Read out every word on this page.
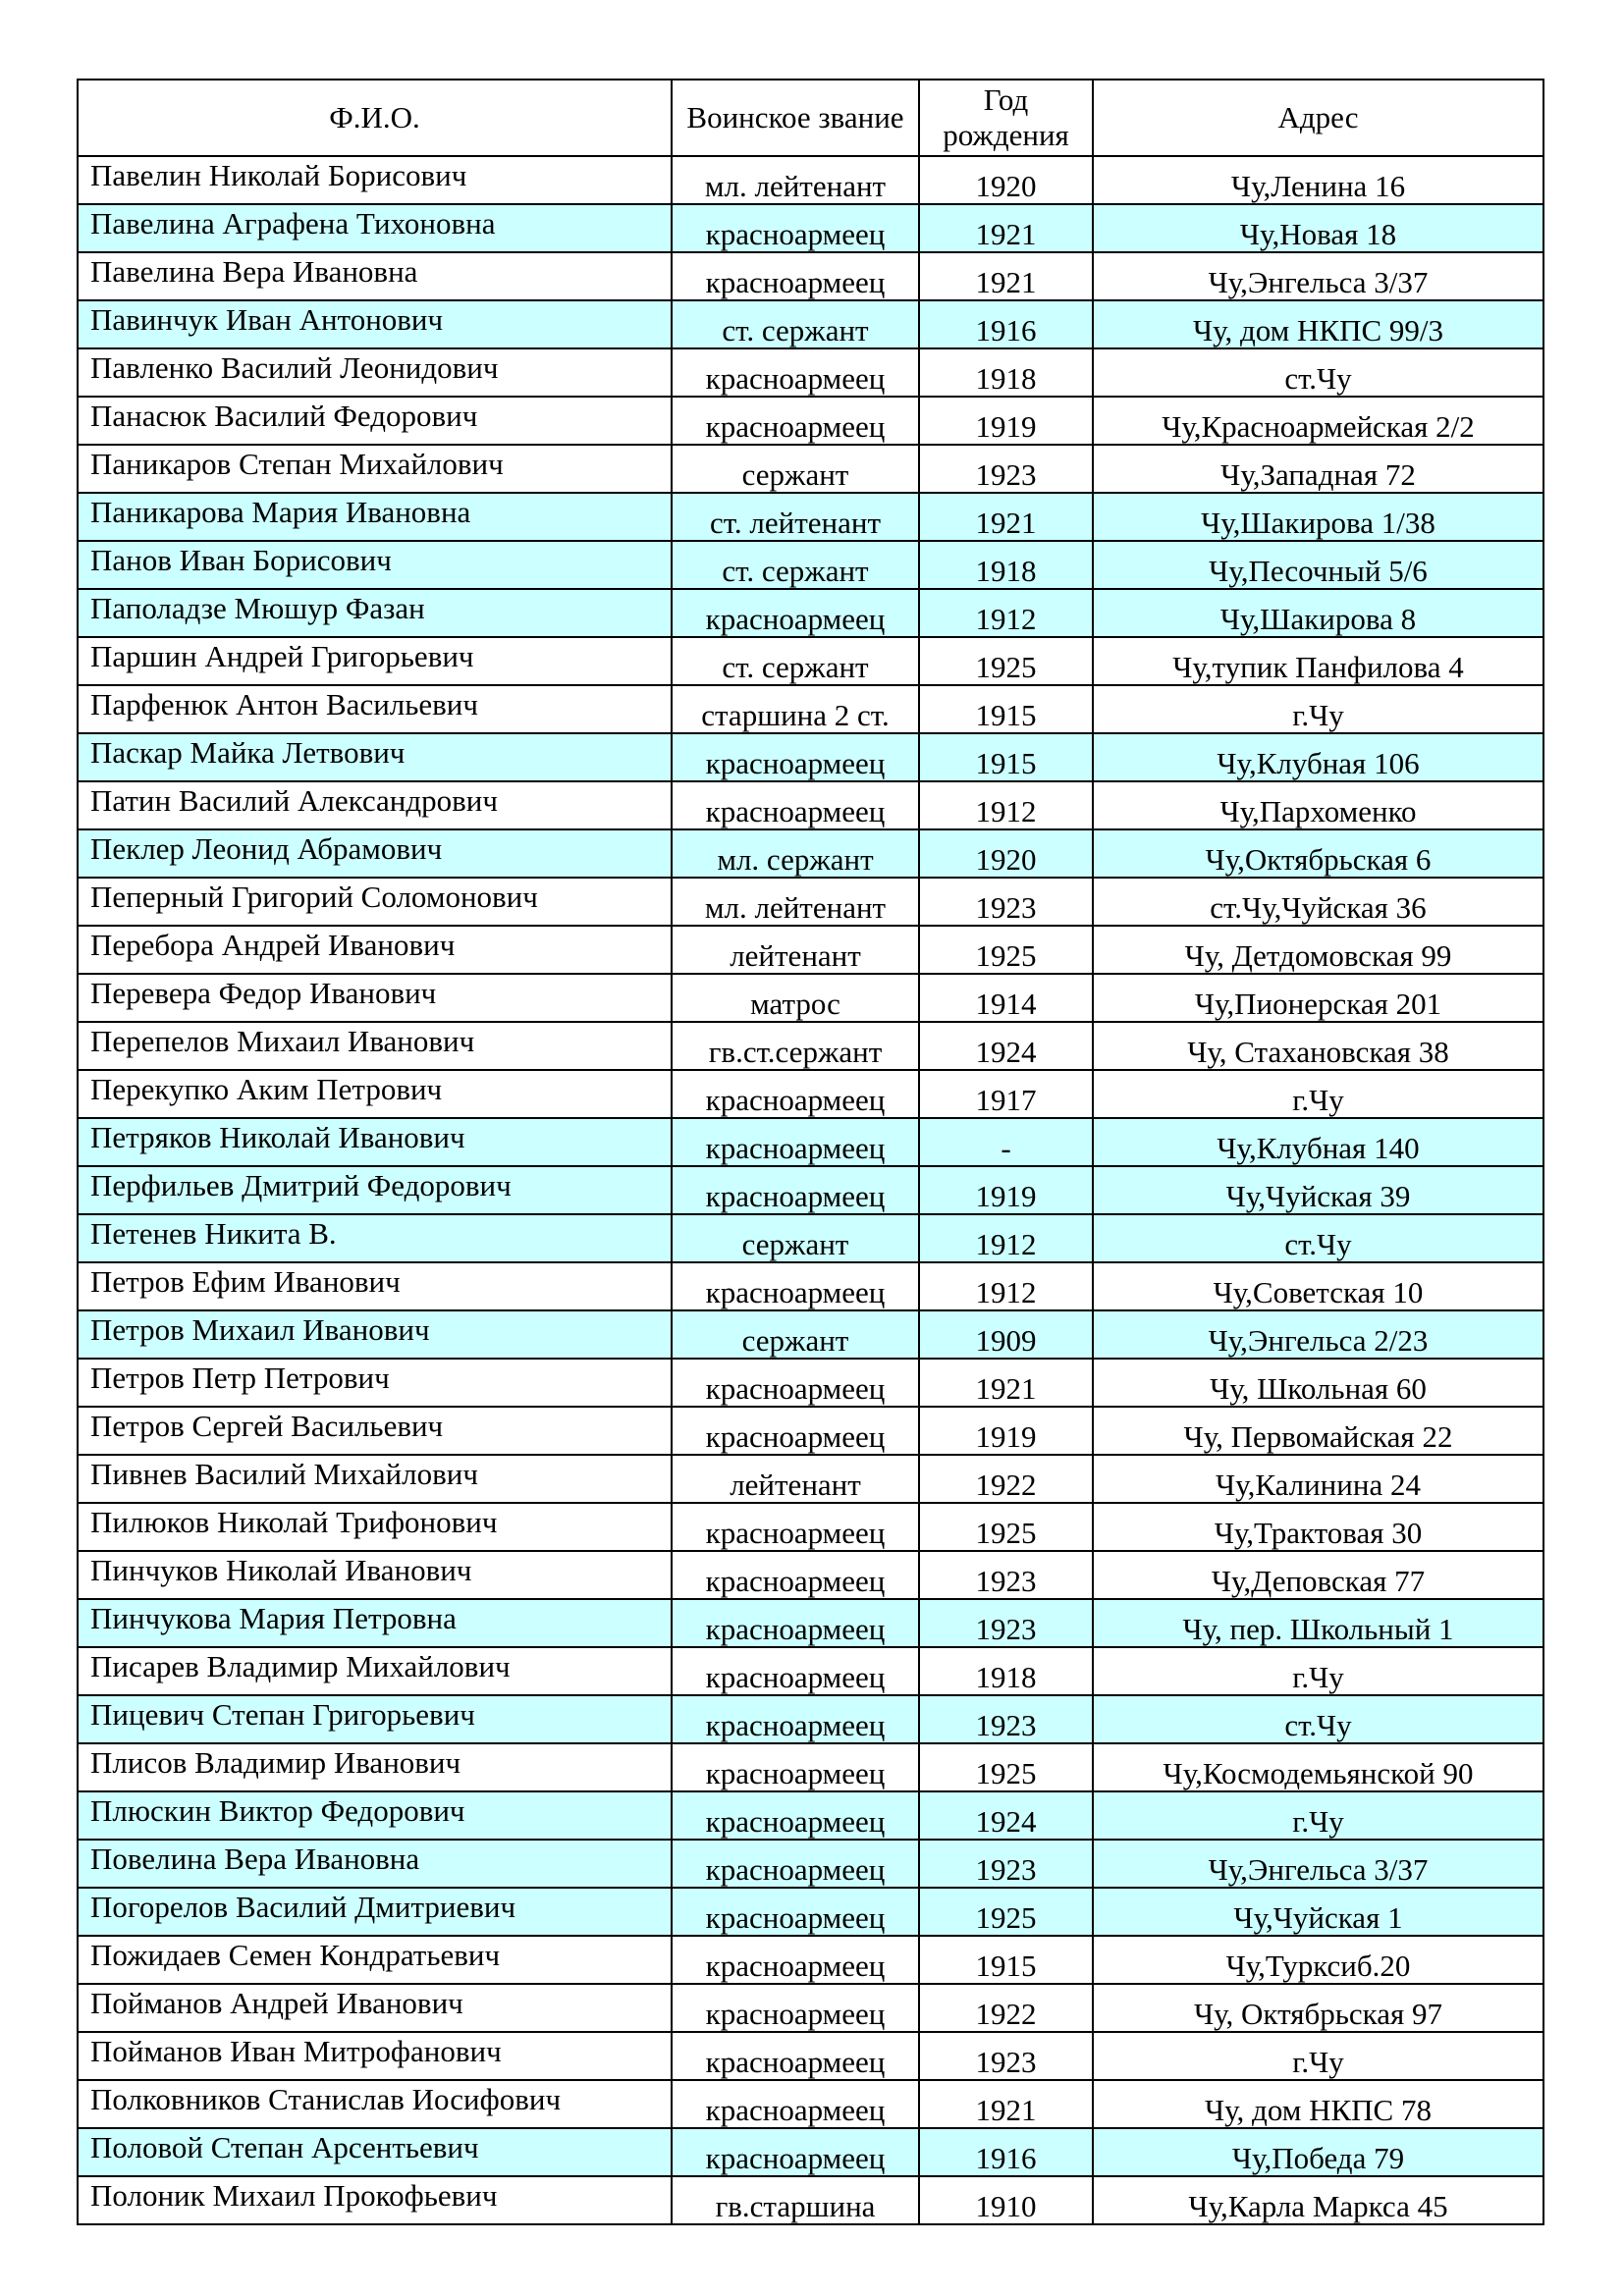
Ф.И.О.	Воинское звание	Год рождения	Адрес
Павелин Николай Борисович	мл. лейтенант	1920	Чу,Ленина 16
Павелина Аграфена Тихоновна	красноармеец	1921	Чу,Новая 18
Павелина Вера Ивановна	красноармеец	1921	Чу,Энгельса 3/37
Павинчук Иван Антонович	ст. сержант	1916	Чу, дом НКПС 99/3
Павленко Василий Леонидович	красноармеец	1918	ст.Чу
Панасюк Василий Федорович	красноармеец	1919	Чу,Красноармейская 2/2
Паникаров Степан Михайлович	сержант	1923	Чу,Западная 72
Паникарова Мария Ивановна	ст. лейтенант	1921	Чу,Шакирова 1/38
Панов Иван Борисович	ст. сержант	1918	Чу,Песочный 5/6
Паполадзе Мюшур Фазан	красноармеец	1912	Чу,Шакирова 8
Паршин Андрей Григорьевич	ст. сержант	1925	Чу,тупик Панфилова 4
Парфенюк Антон Васильевич	старшина 2 ст.	1915	г.Чу
Паскар Майка Летвович	красноармеец	1915	Чу,Клубная 106
Патин Василий Александрович	красноармеец	1912	Чу,Пархоменко
Пеклер Леонид Абрамович	мл. сержант	1920	Чу,Октябрьская 6
Пеперный Григорий Соломонович	мл. лейтенант	1923	ст.Чу,Чуйская 36
Перебора Андрей Иванович	лейтенант	1925	Чу, Детдомовская 99
Перевера Федор Иванович	матрос	1914	Чу,Пионерская 201
Перепелов Михаил Иванович	гв.ст.сержант	1924	Чу, Стахановская 38
Перекупко Аким Петрович	красноармеец	1917	г.Чу
Петряков Николай Иванович	красноармеец	-	Чу,Клубная 140
Перфильев Дмитрий Федорович	красноармеец	1919	Чу,Чуйская 39
Петенев Никита В.	сержант	1912	ст.Чу
Петров Ефим Иванович	красноармеец	1912	Чу,Советская 10
Петров Михаил Иванович	сержант	1909	Чу,Энгельса 2/23
Петров Петр Петрович	красноармеец	1921	Чу, Школьная 60
Петров Сергей Васильевич	красноармеец	1919	Чу, Первомайская 22
Пивнев Василий Михайлович	лейтенант	1922	Чу,Калинина 24
Пилюков Николай Трифонович	красноармеец	1925	Чу,Трактовая 30
Пинчуков Николай Иванович	красноармеец	1923	Чу,Деповская 77
Пинчукова Мария Петровна	красноармеец	1923	Чу, пер. Школьный 1
Писарев Владимир Михайлович	красноармеец	1918	г.Чу
Пицевич Степан Григорьевич	красноармеец	1923	ст.Чу
Плисов Владимир Иванович	красноармеец	1925	Чу,Космодемьянской 90
Плюскин Виктор Федорович	красноармеец	1924	г.Чу
Повелина Вера Ивановна	красноармеец	1923	Чу,Энгельса 3/37
Погорелов Василий Дмитриевич	красноармеец	1925	Чу,Чуйская 1
Пожидаев Семен Кондратьевич	красноармеец	1915	Чу,Турксиб.20
Пойманов Андрей Иванович	красноармеец	1922	Чу, Октябрьская 97
Пойманов Иван Митрофанович	красноармеец	1923	г.Чу
Полковников Станислав Иосифович	красноармеец	1921	Чу, дом НКПС 78
Половой Степан Арсентьевич	красноармеец	1916	Чу,Победа 79
Полоник Михаил Прокофьевич	гв.старшина	1910	Чу,Карла Маркса 45
